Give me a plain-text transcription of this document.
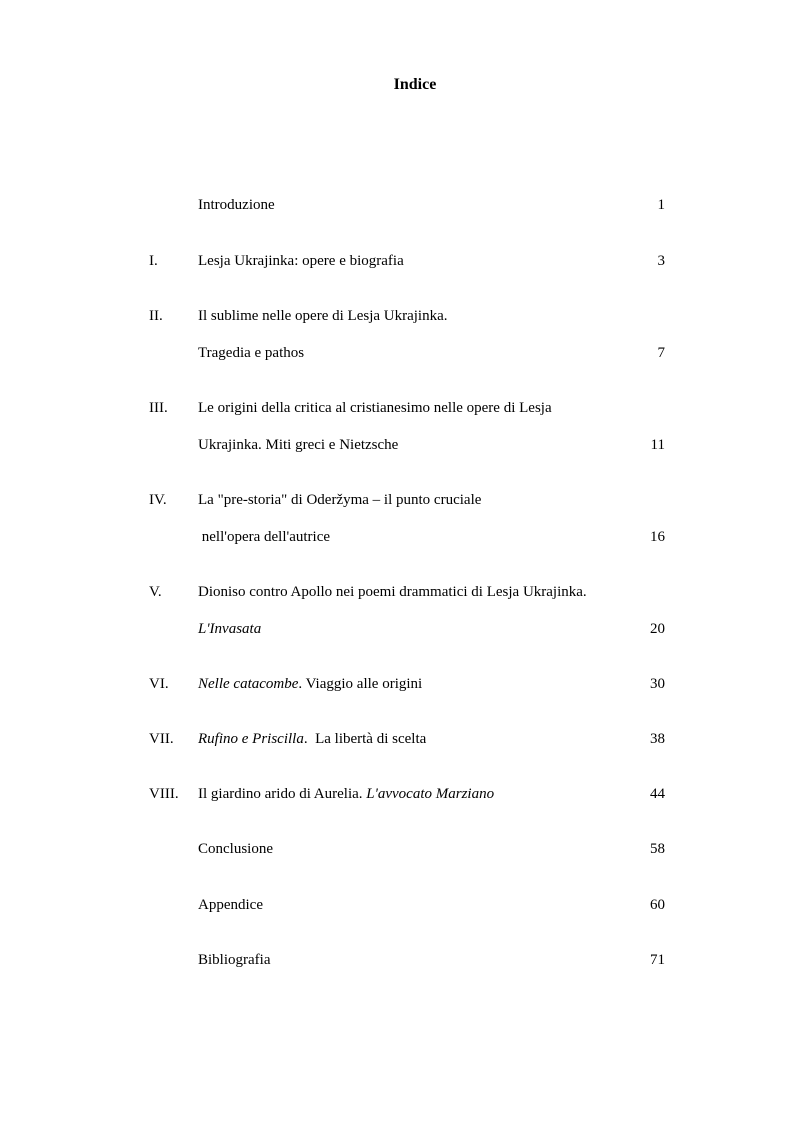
Indice
Introduzione	1
I.	Lesja Ukrajinka: opere e biografia	3
II. Il sublime nelle opere di Lesja Ukrajinka.
Tragedia e pathos	7
III. Le origini della critica al cristianesimo nelle opere di Lesja
Ukrajinka. Miti greci e Nietzsche	11
IV. La "pre-storia" di Oderžyma – il punto cruciale
nell'opera dell'autrice	16
V. Dioniso contro Apollo nei poemi drammatici di Lesja Ukrajinka.
L'Invasata	20
VI. Nelle catacombe. Viaggio alle origini	30
VII. Rufino e Priscilla.  La libertà di scelta	38
VIII. Il giardino arido di Aurelia. L'avvocato Marziano	44
Conclusione	58
Appendice	60
Bibliografia	71
